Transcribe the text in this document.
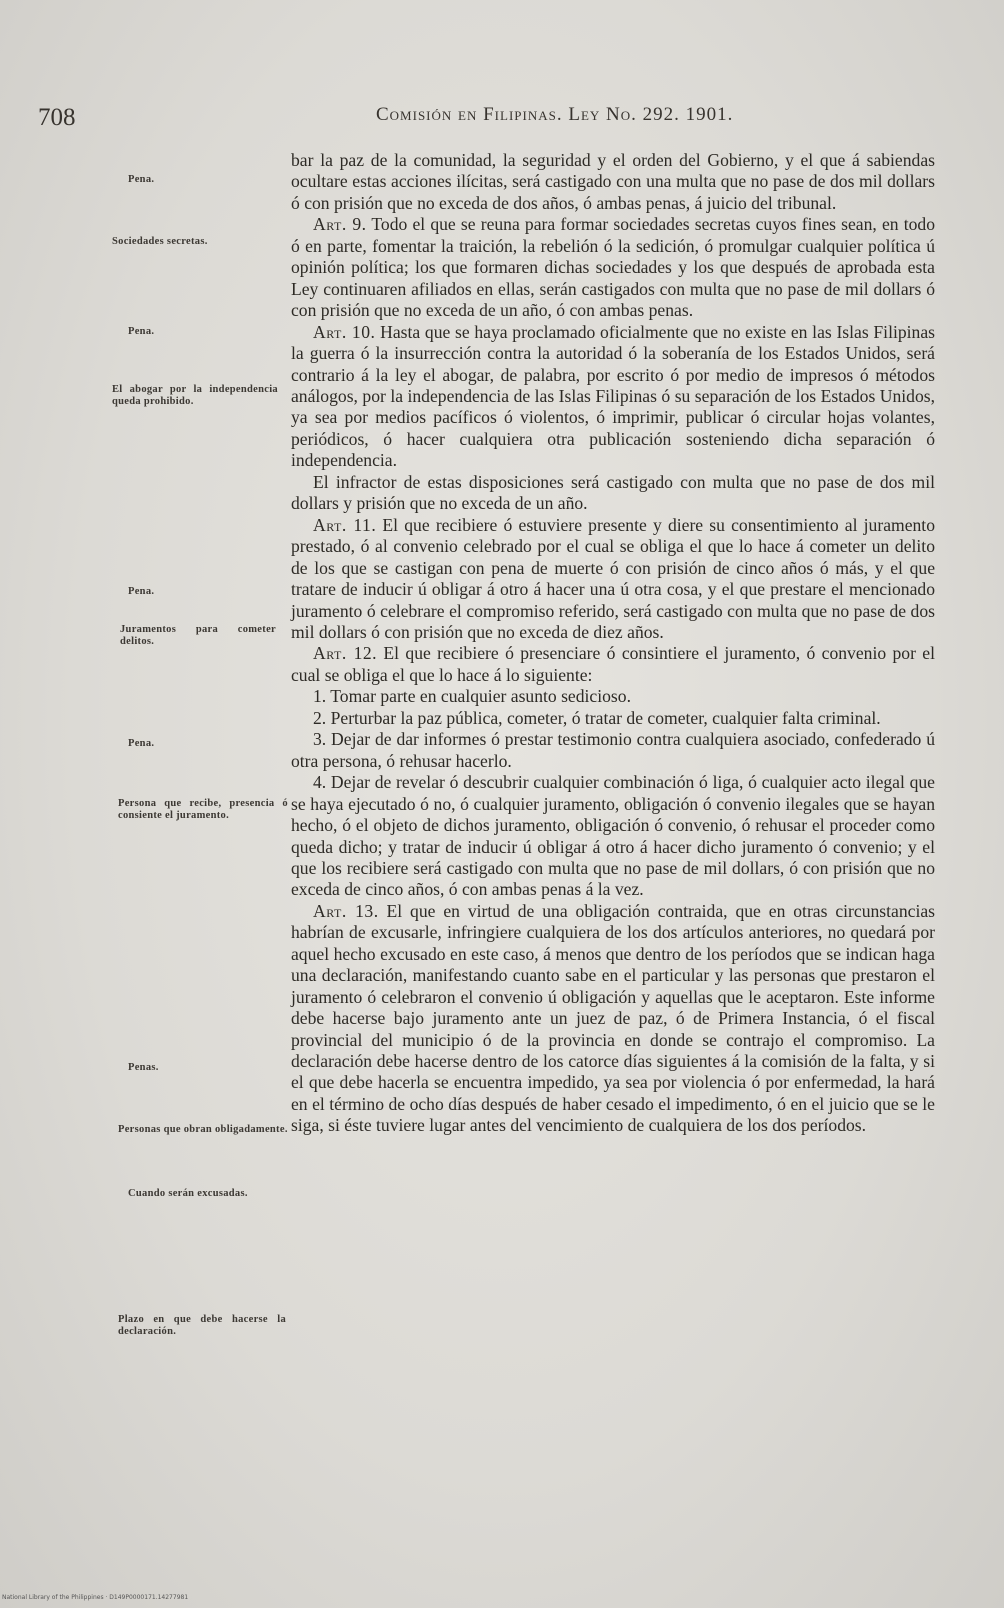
708	Comisión en Filipinas. Ley No. 292. 1901.
Pena.
Sociedades secretas.
Pena.
El abogar por la independencia queda prohibido.
Pena.
Juramentos para cometer delitos.
Pena.
Persona que recibe, presencia ó consiente el juramento.
Penas.
Personas que obran obligadamente.
Cuando serán excusadas.
Plazo en que debe hacerse la declaración.

bar la paz de la comunidad, la seguridad y el orden del Gobierno, y el que á sabiendas ocultare estas acciones ilícitas, será castigado con una multa que no pase de dos mil dollars ó con prisión que no exceda de dos años, ó ambas penas, á juicio del tribunal.

Art. 9. Todo el que se reuna para formar sociedades secretas cuyos fines sean, en todo ó en parte, fomentar la traición, la rebelión ó la sedición, ó promulgar cualquier política ú opinión política; los que formaren dichas sociedades y los que después de aprobada esta Ley continuaren afiliados en ellas, serán castigados con multa que no pase de mil dollars ó con prisión que no exceda de un año, ó con ambas penas.

Art. 10. Hasta que se haya proclamado oficialmente que no existe en las Islas Filipinas la guerra ó la insurrección contra la autoridad ó la soberanía de los Estados Unidos, será contrario á la ley el abogar, de palabra, por escrito ó por medio de impresos ó métodos análogos, por la independencia de las Islas Filipinas ó su separación de los Estados Unidos, ya sea por medios pacíficos ó violentos, ó imprimir, publicar ó circular hojas volantes, periódicos, ó hacer cualquiera otra publicación sosteniendo dicha separación ó independencia.

El infractor de estas disposiciones será castigado con multa que no pase de dos mil dollars y prisión que no exceda de un año.

Art. 11. El que recibiere ó estuviere presente y diere su consentimiento al juramento prestado, ó al convenio celebrado por el cual se obliga el que lo hace á cometer un delito de los que se castigan con pena de muerte ó con prisión de cinco años ó más, y el que tratare de inducir ú obligar á otro á hacer una ú otra cosa, y el que prestare el mencionado juramento ó celebrare el compromiso referido, será castigado con multa que no pase de dos mil dollars ó con prisión que no exceda de diez años.

Art. 12. El que recibiere ó presenciare ó consintiere el juramento, ó convenio por el cual se obliga el que lo hace á lo siguiente:

1. Tomar parte en cualquier asunto sedicioso.

2. Perturbar la paz pública, cometer, ó tratar de cometer, cualquier falta criminal.

3. Dejar de dar informes ó prestar testimonio contra cualquiera asociado, confederado ú otra persona, ó rehusar hacerlo.

4. Dejar de revelar ó descubrir cualquier combinación ó liga, ó cualquier acto ilegal que se haya ejecutado ó no, ó cualquier juramento, obligación ó convenio ilegales que se hayan hecho, ó el objeto de dichos juramento, obligación ó convenio, ó rehusar el proceder como queda dicho; y tratar de inducir ú obligar á otro á hacer dicho juramento ó convenio; y el que los recibiere será castigado con multa que no pase de mil dollars, ó con prisión que no exceda de cinco años, ó con ambas penas á la vez.

Art. 13. El que en virtud de una obligación contraida, que en otras circunstancias habrían de excusarle, infringiere cualquiera de los dos artículos anteriores, no quedará por aquel hecho excusado en este caso, á menos que dentro de los períodos que se indican haga una declaración, manifestando cuanto sabe en el particular y las personas que prestaron el juramento ó celebraron el convenio ú obligación y aquellas que le aceptaron. Este informe debe hacerse bajo juramento ante un juez de paz, ó de Primera Instancia, ó el fiscal provincial del municipio ó de la provincia en donde se contrajo el compromiso. La declaración debe hacerse dentro de los catorce días siguientes á la comisión de la falta, y si el que debe hacerla se encuentra impedido, ya sea por violencia ó por enfermedad, la hará en el término de ocho días después de haber cesado el impedimento, ó en el juicio que se le siga, si éste tuviere lugar antes del vencimiento de cualquiera de los dos períodos.

National Library of the Philippines · D149P0000171.14277981
